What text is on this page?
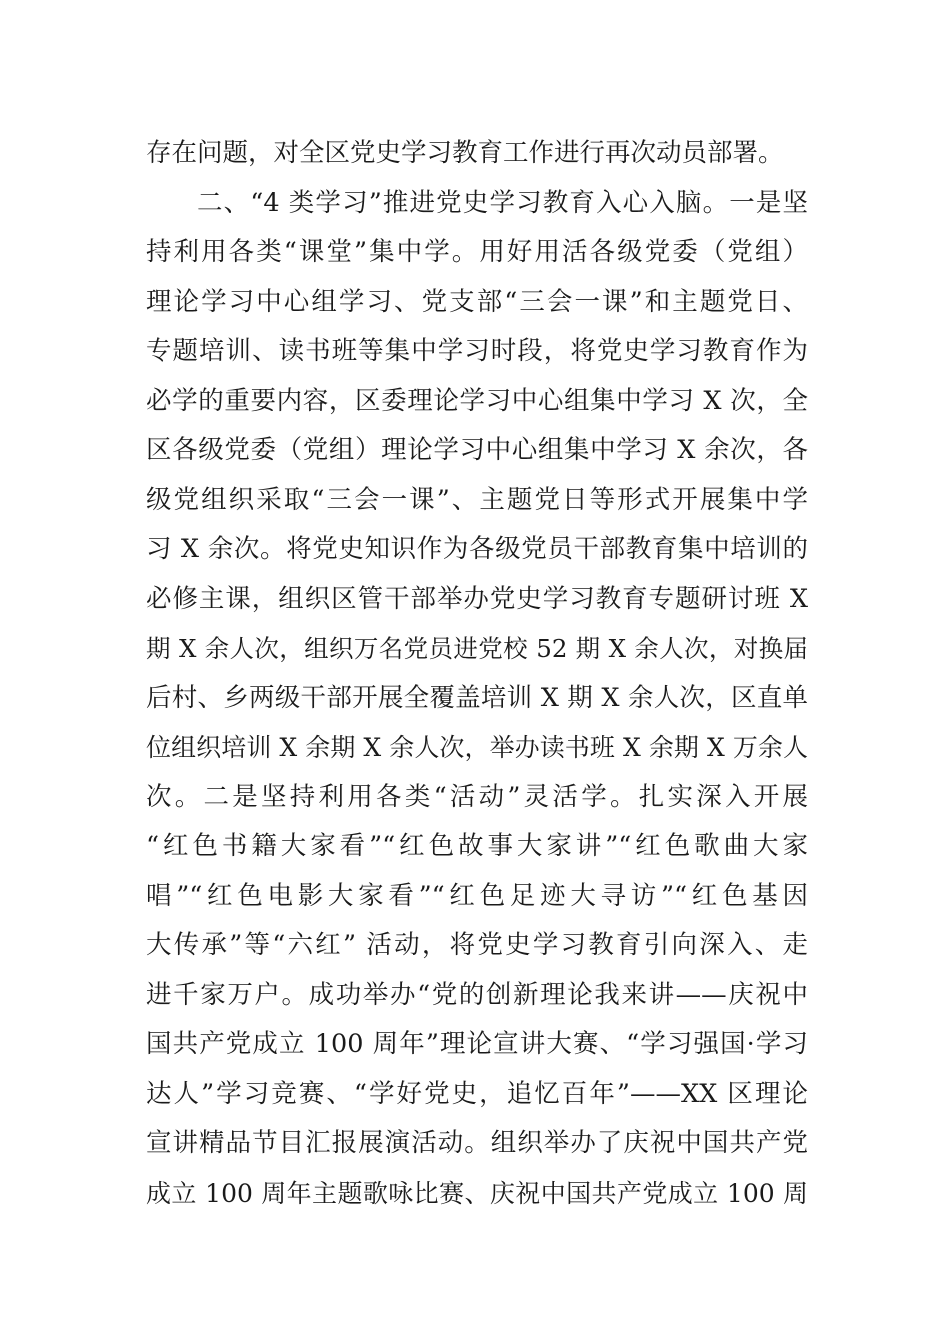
存在问题，对全区党史学习教育工作进行再次动员部署。
二、“4 类学习”推进党史学习教育入心入脑。一是坚
持利用各类“课堂”集中学。用好用活各级党委（党组）
理论学习中心组学习、党支部“三会一课”和主题党日、
专题培训、读书班等集中学习时段，将党史学习教育作为
必学的重要内容，区委理论学习中心组集中学习 X 次，全
区各级党委（党组）理论学习中心组集中学习 X 余次，各
级党组织采取“三会一课”、主题党日等形式开展集中学
习 X 余次。将党史知识作为各级党员干部教育集中培训的
必修主课，组织区管干部举办党史学习教育专题研讨班 X
期 X 余人次，组织万名党员进党校 52 期 X 余人次，对换届
后村、乡两级干部开展全覆盖培训 X 期 X 余人次，区直单
位组织培训 X 余期 X 余人次，举办读书班 X 余期 X 万余人
次。二是坚持利用各类“活动”灵活学。扎实深入开展
“红色书籍大家看”“红色故事大家讲”“红色歌曲大家
唱”“红色电影大家看”“红色足迹大寻访”“红色基因
大传承”等“六红” 活动，将党史学习教育引向深入、走
进千家万户。成功举办“党的创新理论我来讲——庆祝中
国共产党成立 100 周年”理论宣讲大赛、“学习强国·学习
达人”学习竞赛、“学好党史，追忆百年”——XX 区理论
宣讲精品节目汇报展演活动。组织举办了庆祝中国共产党
成立 100 周年主题歌咏比赛、庆祝中国共产党成立 100 周
